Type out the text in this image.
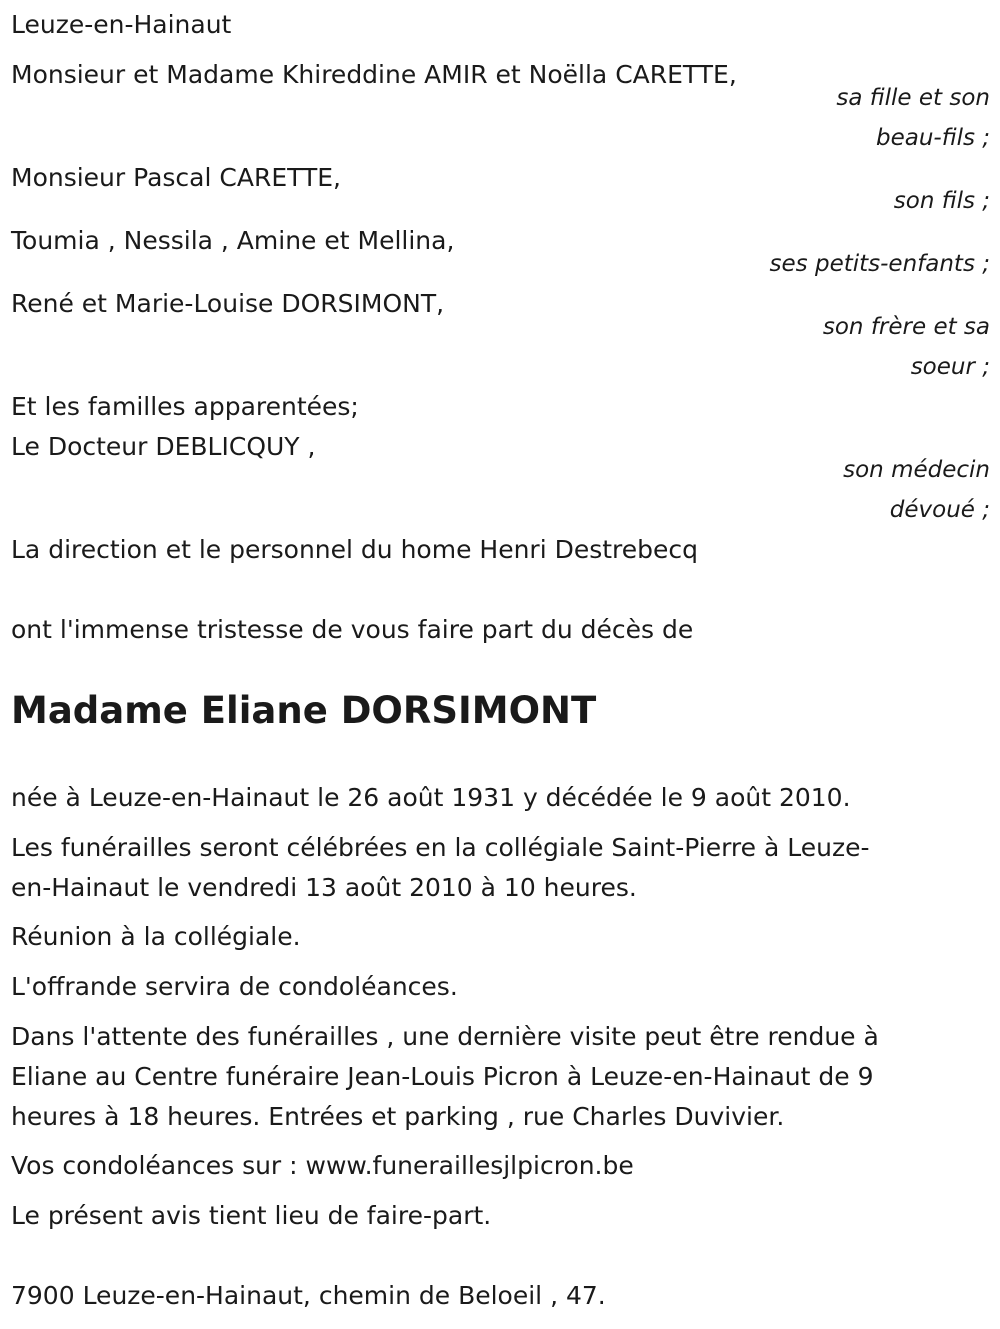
Leuze-en-Hainaut

Monsieur et Madame Khireddine AMIR et Noëlla CARETTE,

sa fille et son

beau-fils ;

Monsieur Pascal CARETTE,

son fils ;

Toumia , Nessila , Amine et Mellina,

ses petits-enfants ;

René et Marie-Louise DORSIMONT,

son frère et sa

soeur ;

Et les familles apparentées;

Le Docteur DEBLICQUY ,

son médecin

dévoué ;

La direction et le personnel du home Henri Destrebecq

ont l'immense tristesse de vous faire part du décès de

Madame Eliane DORSIMONT

née à Leuze-en-Hainaut le 26 août 1931 y décédée le 9 août 2010.

Les funérailles seront célébrées en la collégiale Saint-Pierre à Leuze-

en-Hainaut le vendredi 13 août 2010 à 10 heures.

Réunion à la collégiale.

L'offrande servira de condoléances.

Dans l'attente des funérailles , une dernière visite peut être rendue à

Eliane au Centre funéraire Jean-Louis Picron à Leuze-en-Hainaut de 9

heures à 18 heures. Entrées et parking , rue Charles Duvivier.

Vos condoléances sur : www.funeraillesjlpicron.be

Le présent avis tient lieu de faire-part.

7900 Leuze-en-Hainaut, chemin de Beloeil , 47.
